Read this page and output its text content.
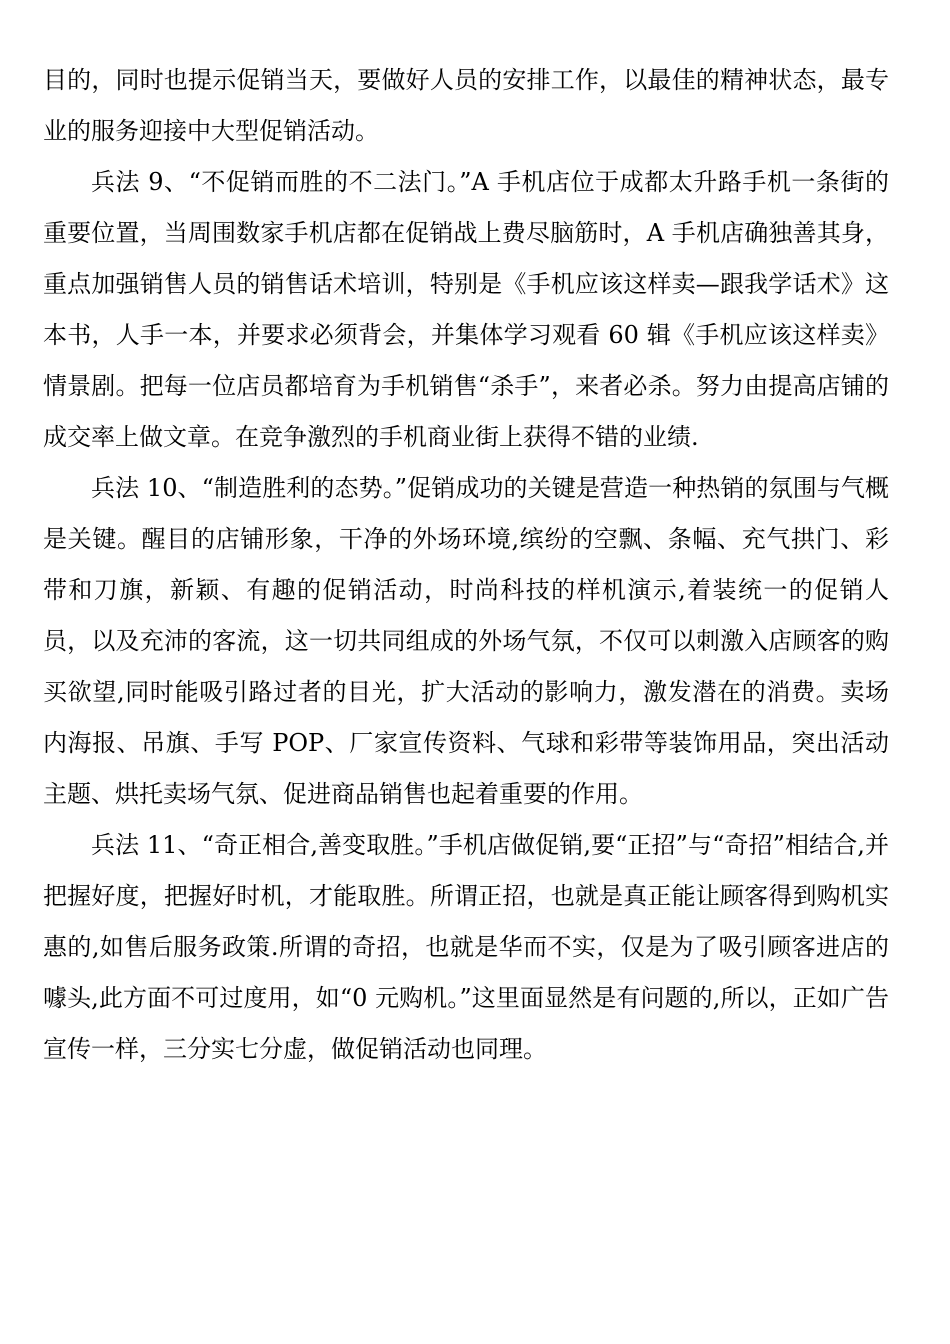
目的，同时也提示促销当天，要做好人员的安排工作，以最佳的精神状态，最专业的服务迎接中大型促销活动。

兵法 9、“不促销而胜的不二法门。”A 手机店位于成都太升路手机一条街的重要位置，当周围数家手机店都在促销战上费尽脑筋时，A 手机店确独善其身，重点加强销售人员的销售话术培训，特别是《手机应该这样卖—跟我学话术》这本书，人手一本，并要求必须背会，并集体学习观看 60 辑《手机应该这样卖》情景剧。把每一位店员都培育为手机销售“杀手”，来者必杀。努力由提高店铺的成交率上做文章。在竞争激烈的手机商业街上获得不错的业绩.

兵法 10、“制造胜利的态势。”促销成功的关键是营造一种热销的氛围与气概是关键。醒目的店铺形象，干净的外场环境,缤纷的空飘、条幅、充气拱门、彩带和刀旗，新颖、有趣的促销活动，时尚科技的样机演示,着装统一的促销人员，以及充沛的客流，这一切共同组成的外场气氛，不仅可以刺激入店顾客的购买欲望,同时能吸引路过者的目光，扩大活动的影响力，激发潜在的消费。卖场内海报、吊旗、手写 POP、厂家宣传资料、气球和彩带等装饰用品，突出活动主题、烘托卖场气氛、促进商品销售也起着重要的作用。

兵法 11、“奇正相合,善变取胜。”手机店做促销,要“正招”与“奇招”相结合,并把握好度，把握好时机，才能取胜。所谓正招，也就是真正能让顾客得到购机实惠的,如售后服务政策.所谓的奇招，也就是华而不实，仅是为了吸引顾客进店的噱头,此方面不可过度用，如“0 元购机。”这里面显然是有问题的,所以，正如广告宣传一样，三分实七分虚，做促销活动也同理。
